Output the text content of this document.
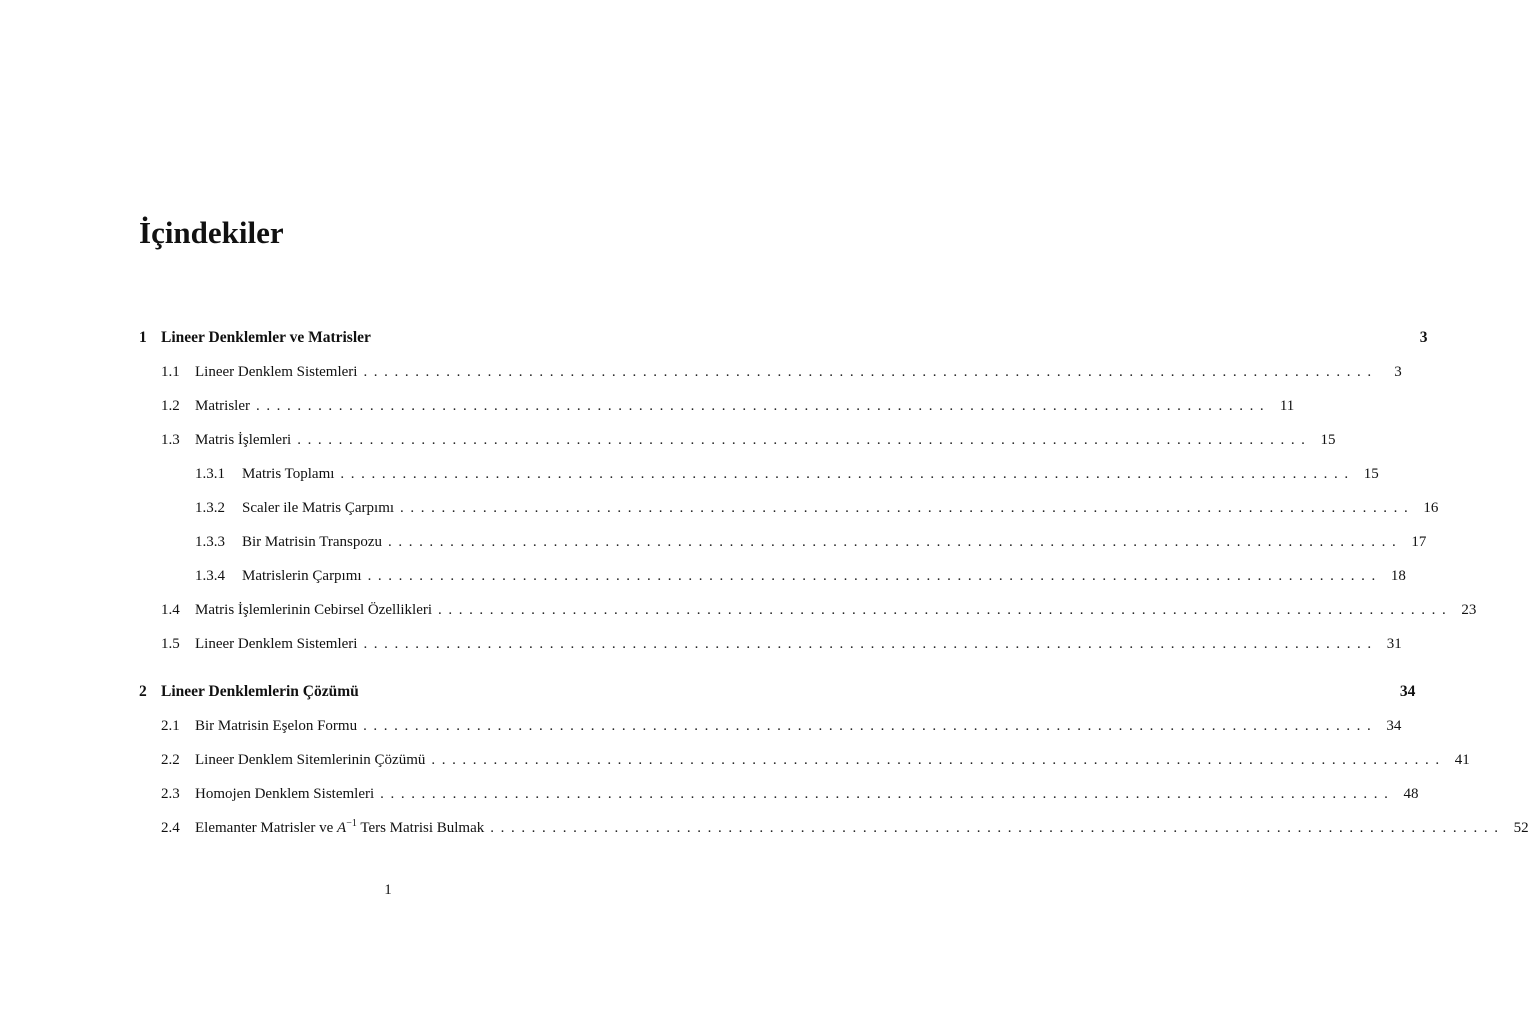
İçindekiler
1 Lineer Denklemler ve Matrisler	3
1.1	Lineer Denklem Sistemleri ..................................................................................................	3
1.2	Matrisler .................................................................................................. 11
1.3	Matris İşlemleri .................................................................................................. 15
1.3.1	Matris Toplamı .................................................................................................. 15
1.3.2	Scaler ile Matris Çarpımı .................................................................................................. 16
1.3.3	Bir Matrisin Transpozu .................................................................................................. 17
1.3.4	Matrislerin Çarpımı .................................................................................................. 18
1.4	Matris İşlemlerinin Cebirsel Özellikleri .................................................................................................. 23
1.5	Lineer Denklem Sistemleri .................................................................................................. 31
2 Lineer Denklemlerin Çözümü	34
2.1	Bir Matrisin Eşelon Formu .................................................................................................. 34
2.2	Lineer Denklem Sitemlerinin Çözümü .................................................................................................. 41
2.3	Homojen Denklem Sistemleri .................................................................................................. 48
2.4	Elemanter Matrisler ve $A^{-1}$ Ters Matrisi Bulmak .................................................................................................. 52
1
